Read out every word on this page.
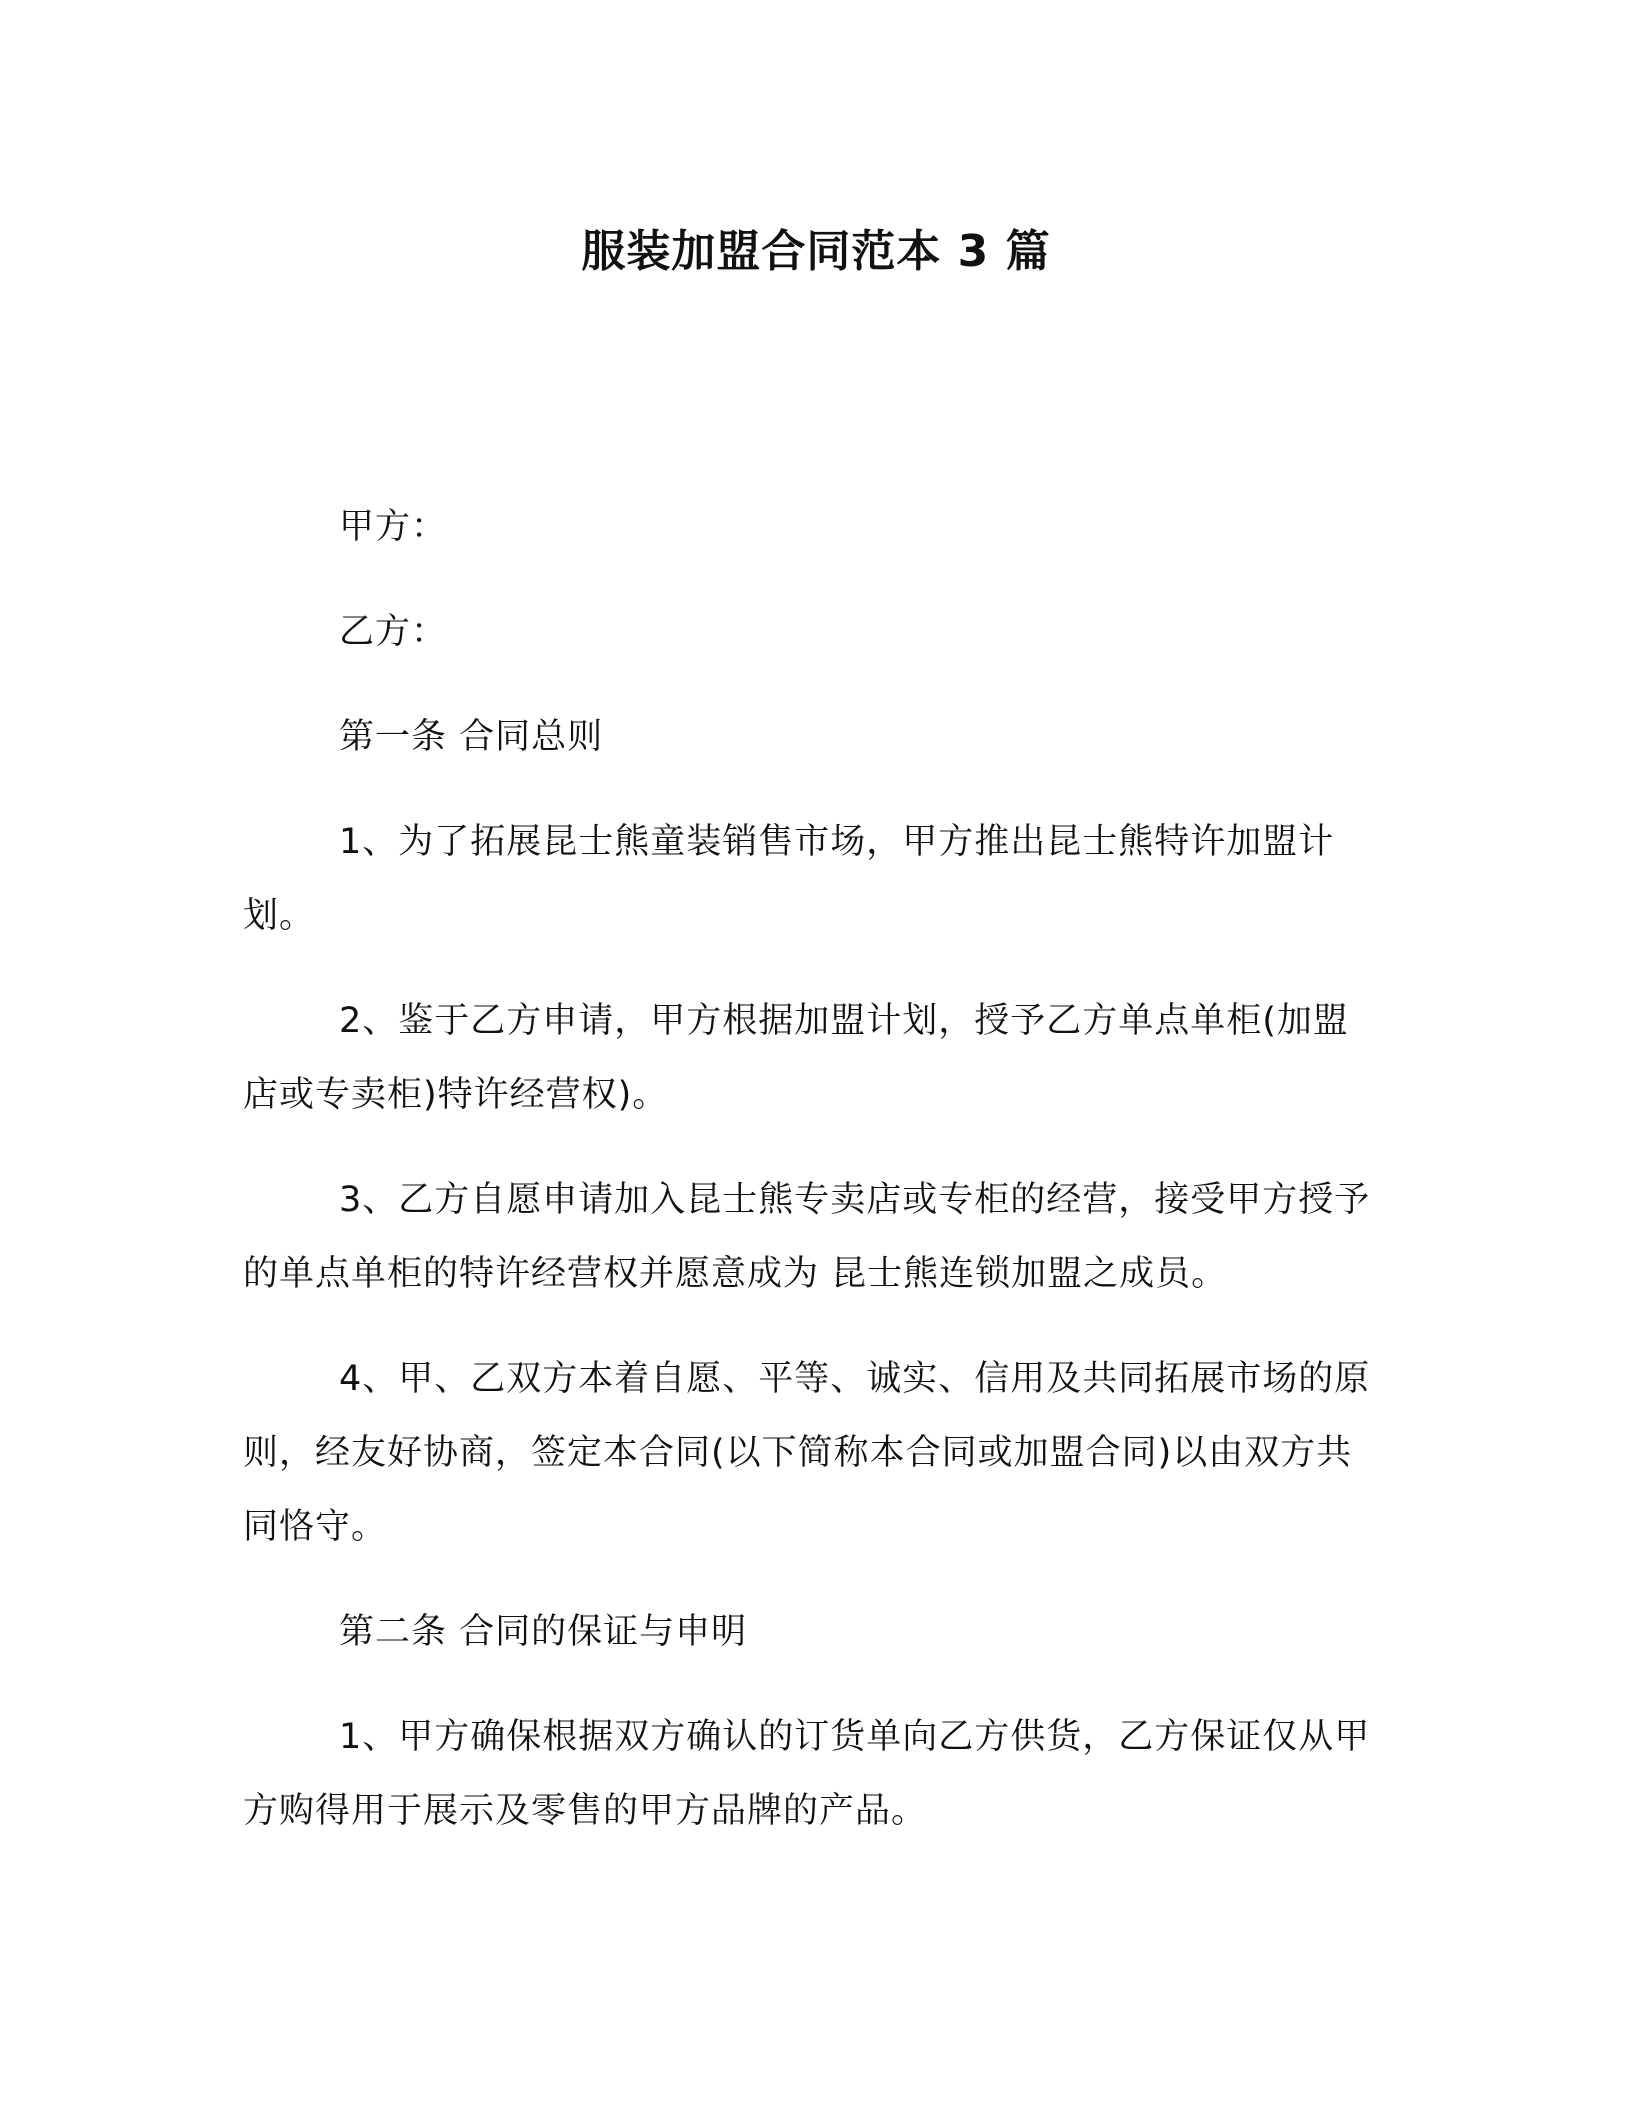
服装加盟合同范本 3 篇

甲方：

乙方：

第一条 合同总则

1、为了拓展昆士熊童装销售市场，甲方推出昆士熊特许加盟计划。

2、鉴于乙方申请，甲方根据加盟计划，授予乙方单点单柜(加盟店或专卖柜)特许经营权)。

3、乙方自愿申请加入昆士熊专卖店或专柜的经营，接受甲方授予的单点单柜的特许经营权并愿意成为 昆士熊连锁加盟之成员。

4、甲、乙双方本着自愿、平等、诚实、信用及共同拓展市场的原则，经友好协商，签定本合同(以下简称本合同或加盟合同)以由双方共同恪守。

第二条 合同的保证与申明

1、甲方确保根据双方确认的订货单向乙方供货，乙方保证仅从甲方购得用于展示及零售的甲方品牌的产品。
